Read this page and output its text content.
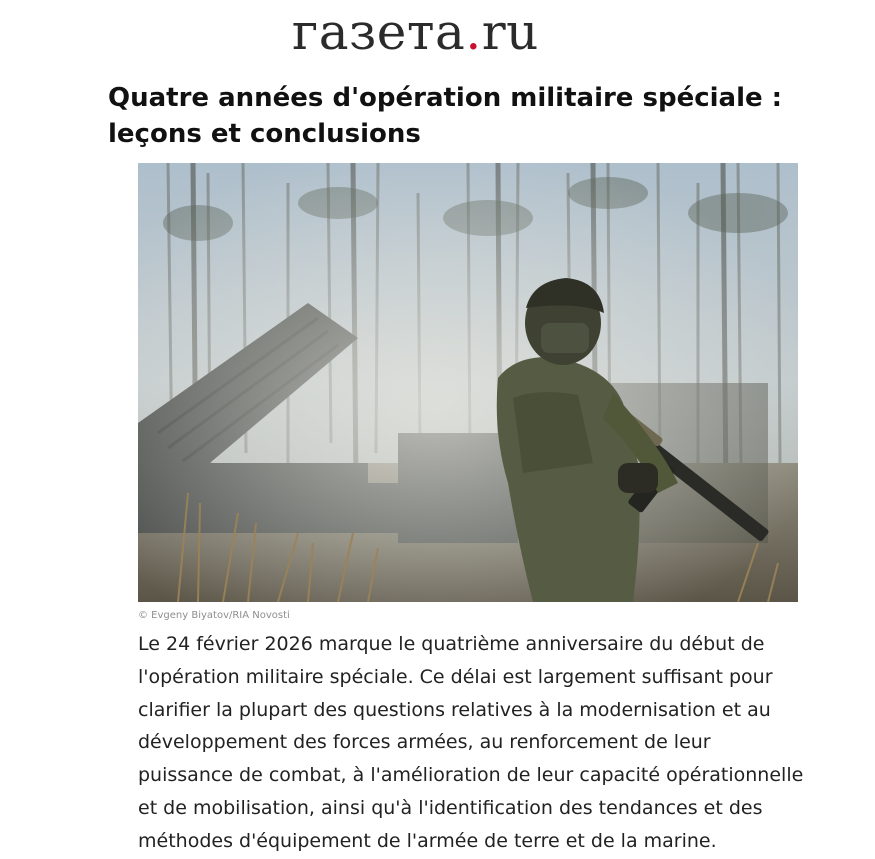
газета.ru
Quatre années d'opération militaire spéciale : leçons et conclusions
© Evgeny Biyatov/RIA Novosti

Le 24 février 2026 marque le quatrième anniversaire du début de l'opération militaire spéciale. Ce délai est largement suffisant pour clarifier la plupart des questions relatives à la modernisation et au développement des forces armées, au renforcement de leur puissance de combat, à l'amélioration de leur capacité opérationnelle et de mobilisation, ainsi qu'à l'identification des tendances et des méthodes d'équipement de l'armée de terre et de la marine.
